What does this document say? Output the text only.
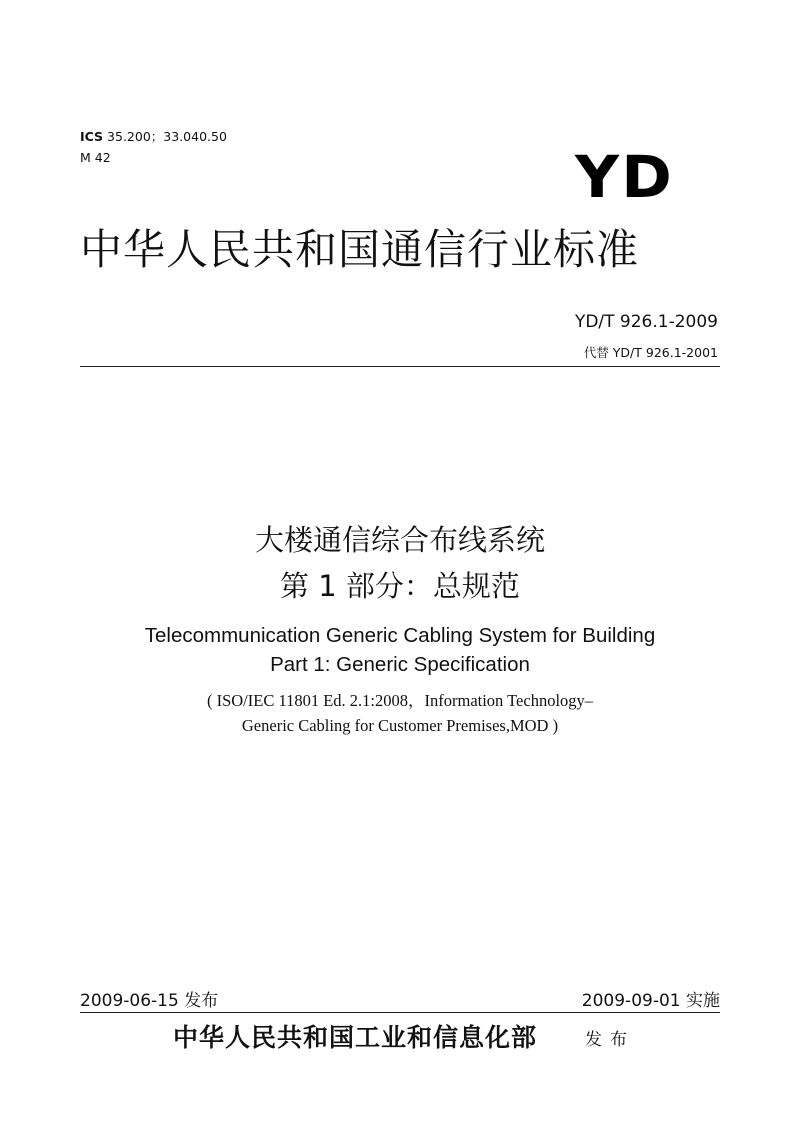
ICS 35.200；33.040.50
M 42	YD
中华人民共和国通信行业标准
YD/T 926.1-2009
代替 YD/T 926.1-2001
大楼通信综合布线系统
第 1 部分：总规范
Telecommunication Generic Cabling System for Building
Part 1: Generic Specification
( ISO/IEC 11801 Ed. 2.1:2008，Information Technology–
Generic Cabling for Customer Premises,MOD )
2009-06-15 发布	2009-09-01 实施
中华人民共和国工业和信息化部	发布
